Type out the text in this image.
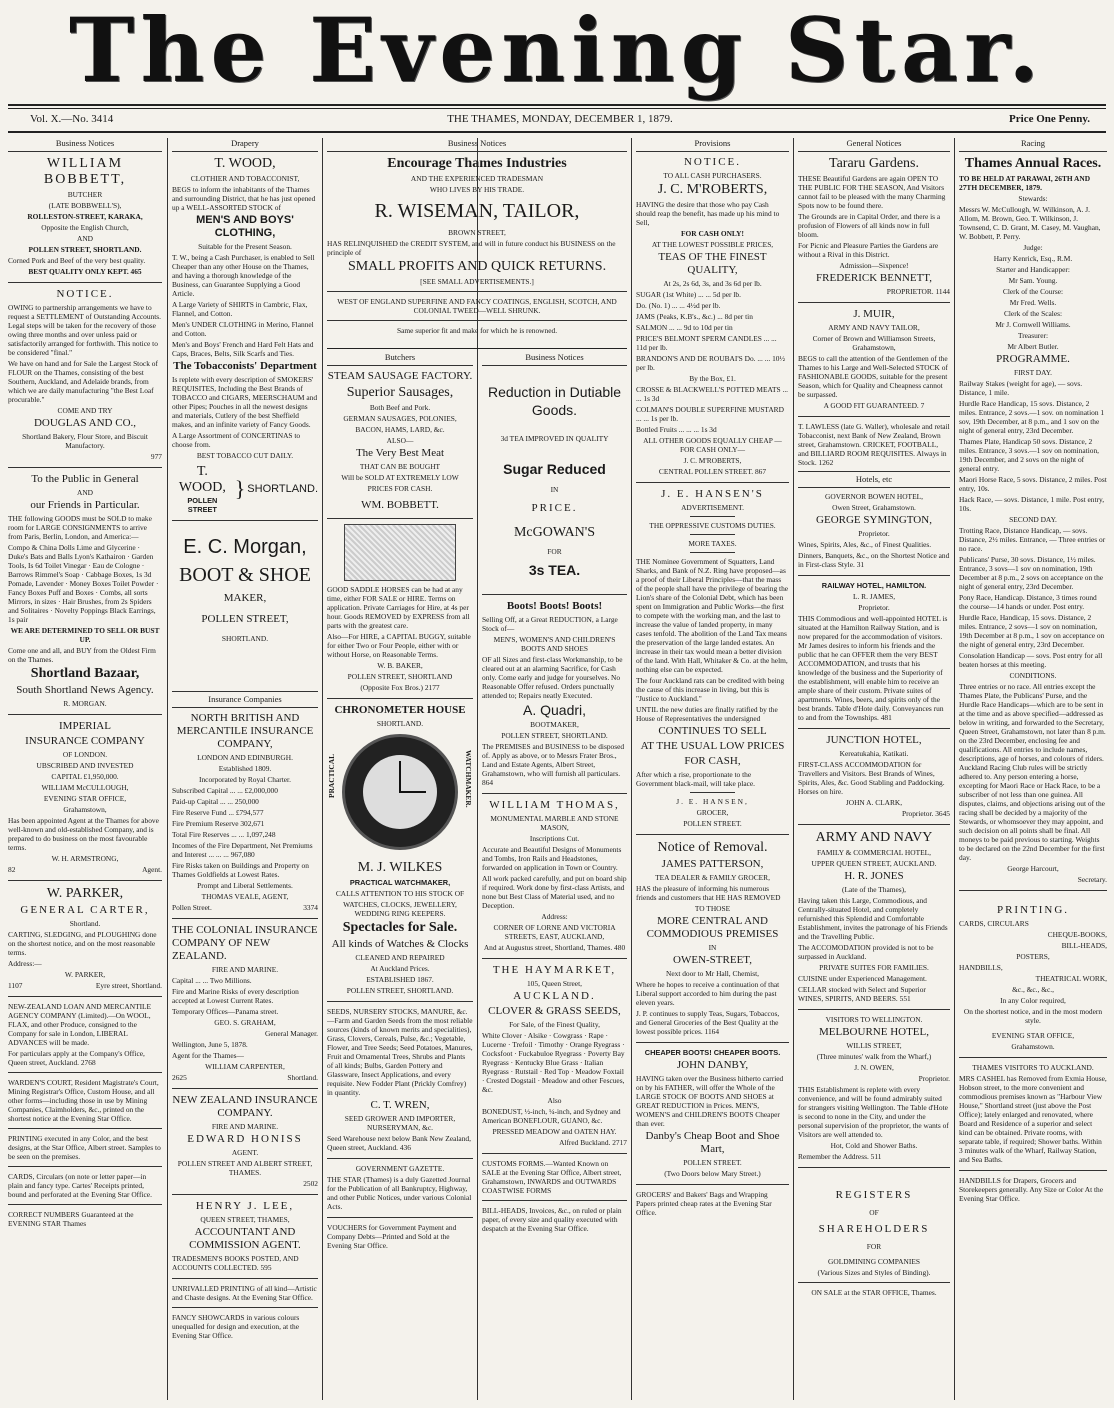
The Evening Star.
Vol. X.—No. 3414	THE THAMES, MONDAY, DECEMBER 1, 1879.	Price One Penny.
Business Notices

WILLIAM BOBBETT,

BUTCHER

(LATE BOBBWELL'S),

ROLLESTON-STREET, KARAKA,

Opposite the English Church,

AND

POLLEN STREET, SHORTLAND.

Corned Pork and Beef of the very best quality.

BEST QUALITY ONLY KEPT. 465

NOTICE.

OWING to partnership arrangements we have to request a SETTLEMENT of Outstanding Accounts. Legal steps will be taken for the recovery of those owing three months and over unless paid or satisfactorily arranged for forthwith. This notice to be considered "final."

We have on hand and for Sale the Largest Stock of FLOUR on the Thames, consisting of the best Southern, Auckland, and Adelaide brands, from which we are daily manufacturing "the Best Loaf procurable."

COME AND TRY

DOUGLAS AND CO.,

Shortland Bakery, Flour Store, and Biscuit Manufactory.

977

To the Public in General

AND

our Friends in Particular.

THE following GOODS must be SOLD to make room for LARGE CONSIGNMENTS to arrive from Paris, Berlin, London, and America:—

Compo & China Dolls Lime and Glycerine · Duke's Bats and Balls Lyon's Kathairon · Garden Tools, Is 6d Toilet Vinegar · Eau de Cologne · Barrows Rimmel's Soap · Cabbage Boxes, 1s 3d Pomade, Lavender · Money Boxes Toilet Powder · Fancy Boxes Puff and Boxes · Combs, all sorts Mirrors, in sizes · Hair Brushes, from 2s Spiders and Solitaires · Novelty Poppings Black Earrings, 1s pair

WE ARE DETERMINED TO SELL OR BUST UP.

Come one and all, and BUY from the Oldest Firm on the Thames.

Shortland Bazaar,

South Shortland News Agency.

R. MORGAN.

IMPERIAL

INSURANCE COMPANY

OF LONDON.

UBSCRIBED AND INVESTED

CAPITAL £1,950,000.

WILLIAM McCULLOUGH,

EVENING STAR OFFICE,

Grahamstown,

Has been appointed Agent at the Thames for above well-known and old-established Company, and is prepared to do business on the most favourable terms.

W. H. ARMSTRONG,

82	Agent.

W. PARKER,

GENERAL CARTER,

Shortland.

CARTING, SLEDGING, and PLOUGHING done on the shortest notice, and on the most reasonable terms.

Address:—

W. PARKER,

1107	Eyre street, Shortland.

NEW-ZEALAND LOAN AND MERCANTILE AGENCY COMPANY (Limited).—On WOOL, FLAX, and other Produce, consigned to the Company for sale in London, LIBERAL ADVANCES will be made.

For particulars apply at the Company's Office, Queen street, Auckland. 2768

WARDEN'S COURT, Resident Magistrate's Court, Mining Registrar's Office, Custom House, and all other forms—including those in use by Mining Companies, Claimholders, &c., printed on the shortest notice at the Evening Star Office.

PRINTING executed in any Color, and the best designs, at the Star Office, Albert street. Samples to be seen on the premises.

CARDS, Circulars (on note or letter paper—in plain and fancy type. Cartes' Receipts printed, bound and perforated at the Evening Star Office.

CORRECT NUMBERS Guaranteed at the EVENING STAR Thames

Drapery

T. WOOD,

CLOTHIER AND TOBACCONIST,

BEGS to inform the inhabitants of the Thames and surrounding District, that he has just opened up a WELL-ASSORTED STOCK of

MEN'S AND BOYS' CLOTHING,

Suitable for the Present Season.

T. W., being a Cash Purchaser, is enabled to Sell Cheaper than any other House on the Thames, and having a thorough knowledge of the Business, can Guarantee Supplying a Good Article.

A Large Variety of SHIRTS in Cambric, Flax, Flannel, and Cotton.

Men's UNDER CLOTHING in Merino, Flannel and Cotton.

Men's and Boys' French and Hard Felt Hats and Caps, Braces, Belts, Silk Scarfs and Ties.

The Tobacconists' Department

Is replete with every description of SMOKERS' REQUISITES, Including the Best Brands of TOBACCO and CIGARS, MEERSCHAUM and other Pipes; Pouches in all the newest designs and materials, Cutlery of the best Sheffield makes, and an infinite variety of Fancy Goods.

A Large Assortment of CONCERTINAS to choose from.

BEST TOBACCO CUT DAILY.

T. WOOD,
POLLEN STREET
} SHORTLAND.

E. C. Morgan,

BOOT & SHOE

MAKER,

POLLEN STREET,

SHORTLAND.

Insurance Companies

NORTH BRITISH AND MERCANTILE INSURANCE COMPANY,

LONDON AND EDINBURGH.

Established 1809.

Incorporated by Royal Charter.

Subscribed Capital ... ... £2,000,000

Paid-up Capital ... ... 250,000

Fire Reserve Fund ... £794,577

Fire Premium Reserve 302,671

Total Fire Reserves ... ... 1,097,248

Incomes of the Fire Department, Net Premiums and Interest ... ... ... 967,080

Fire Risks taken on Buildings and Property on Thames Goldfields at Lowest Rates.

Prompt and Liberal Settlements.

THOMAS VEALE, AGENT,

Pollen Street.	3374

THE COLONIAL INSURANCE COMPANY OF NEW ZEALAND.

FIRE AND MARINE.

Capital ... ... Two Millions.

Fire and Marine Risks of every description accepted at Lowest Current Rates.

Temporary Offices—Panama street.

GEO. S. GRAHAM,

General Manager.

Wellington, June 5, 1878.

Agent for the Thames—

WILLIAM CARPENTER,

2625	Shortland.

NEW ZEALAND INSURANCE COMPANY.

FIRE AND MARINE.

EDWARD HONISS

AGENT.

POLLEN STREET AND ALBERT STREET, THAMES.

2502

HENRY J. LEE,

QUEEN STREET, THAMES,

ACCOUNTANT AND COMMISSION AGENT.

TRADESMEN'S BOOKS POSTED, AND ACCOUNTS COLLECTED. 595

UNRIVALLED PRINTING of all kind—Artistic and Chaste designs. At the Evening Star Office.

FANCY SHOWCARDS in various colours unequalled for design and execution, at the Evening Star Office.

Business Notices

Encourage Thames Industries

AND THE EXPERIENCED TRADESMAN

WHO LIVES BY HIS TRADE.

R. WISEMAN, TAILOR,

BROWN STREET,

HAS RELINQUISHED the CREDIT SYSTEM, and will in future conduct his BUSINESS on the principle of

SMALL PROFITS AND QUICK RETURNS.

[SEE SMALL ADVERTISEMENTS.]

WEST OF ENGLAND SUPERFINE AND FANCY COATINGS, ENGLISH, SCOTCH, AND COLONIAL TWEED—WELL SHRUNK.

Same superior fit and make for which he is renowned.

Butchers

STEAM SAUSAGE FACTORY.

Superior Sausages,

Both Beef and Pork.

GERMAN SAUSAGES, POLONIES,

BACON, HAMS, LARD, &c.

ALSO—

The Very Best Meat

THAT CAN BE BOUGHT

Will be SOLD AT EXTREMELY LOW

PRICES FOR CASH.

WM. BOBBETT.

GOOD SADDLE HORSES can be had at any time, either FOR SALE or HIRE. Terms on application. Private Carriages for Hire, at 4s per hour. Goods REMOVED by EXPRESS from all parts with the greatest care.

Also—For HIRE, a CAPITAL BUGGY, suitable for either Two or Four People, either with or without Horse, on Reasonable Terms.

W. B. BAKER,

POLLEN STREET, SHORTLAND

(Opposite Fox Bros.) 2177

CHRONOMETER HOUSE

SHORTLAND.

PRACTICAL	WATCHMAKER.

M. J. WILKES

PRACTICAL WATCHMAKER,

CALLS ATTENTION TO HIS STOCK OF

WATCHES, CLOCKS, JEWELLERY, WEDDING RING KEEPERS.

Spectacles for Sale.

All kinds of Watches & Clocks

CLEANED AND REPAIRED

At Auckland Prices.

ESTABLISHED 1867.

POLLEN STREET, SHORTLAND.

SEEDS, NURSERY STOCKS, MANURE, &c.—Farm and Garden Seeds from the most reliable sources (kinds of known merits and specialities), Grass, Clovers, Cereals, Pulse, &c.; Vegetable, Flower, and Tree Seeds; Seed Potatoes, Manures, Fruit and Ornamental Trees, Shrubs and Plants of all kinds; Bulbs, Garden Pottery and Glassware, Insect Applications, and every requisite. New Fodder Plant (Prickly Comfrey) in quantity.

C. T. WREN,

SEED GROWER AND IMPORTER, NURSERYMAN, &c.

Seed Warehouse next below Bank New Zealand, Queen street, Auckland. 436

GOVERNMENT GAZETTE.

THE STAR (Thames) is a duly Gazetted Journal for the Publication of all Bankruptcy, Highway, and other Public Notices, under various Colonial Acts.

VOUCHERS for Government Payment and Company Debts—Printed and Sold at the Evening Star Office.

Business Notices

Reduction in Dutiable

Goods.

3d TEA IMPROVED IN QUALITY

Sugar Reduced

IN

PRICE.

McGOWAN'S

FOR

3s TEA.

Boots! Boots! Boots!

Selling Off, at a Great REDUCTION, a Large Stock of—

MEN'S, WOMEN'S AND CHILDREN'S BOOTS AND SHOES

OF all Sizes and first-class Workmanship, to be cleared out at an alarming Sacrifice, for Cash only. Come early and judge for yourselves. No Reasonable Offer refused. Orders punctually attended to; Repairs neatly Executed.

A. Quadri,

BOOTMAKER,

POLLEN STREET, SHORTLAND.

The PREMISES and BUSINESS to be disposed of. Apply as above, or to Messrs Frater Bros., Land and Estate Agents, Albert Street, Grahamstown, who will furnish all particulars. 864

WILLIAM THOMAS,

MONUMENTAL MARBLE AND STONE MASON,

Inscriptions Cut.

Accurate and Beautiful Designs of Monuments and Tombs, Iron Rails and Headstones, forwarded on application in Town or Country.

All work packed carefully, and put on board ship if required. Work done by first-class Artists, and none but Best Class of Material used, and no Deception.

Address:

CORNER OF LORNE AND VICTORIA STREETS, EAST, AUCKLAND,

And at Augustus street, Shortland, Thames. 480

THE HAYMARKET,

105, Queen Street,

AUCKLAND.

CLOVER & GRASS SEEDS,

For Sale, of the Finest Quality,

White Clover · Alsike · Cowgrass · Rape · Lucerne · Trefoil · Timothy · Orange Ryegrass · Cocksfoot · Fuckabuloe Ryegrass · Poverty Bay Ryegrass · Kentucky Blue Grass · Italian Ryegrass · Rutstail · Red Top · Meadow Foxtail · Crested Dogstail · Meadow and other Fescues, &c.

Also

BONEDUST, ½-inch, ¼-inch, and Sydney and American BONEFLOUR, GUANO, &c.

PRESSED MEADOW and OATEN HAY.

Alfred Buckland. 2717

CUSTOMS FORMS.—Wanted Known on SALE at the Evening Star Office, Albert street, Grahamstown, INWARDS and OUTWARDS COASTWISE FORMS

BILL-HEADS, Invoices, &c., on ruled or plain paper, of every size and quality executed with despatch at the Evening Star Office.

Provisions

NOTICE.

TO ALL CASH PURCHASERS.

J. C. M'ROBERTS,

HAVING the desire that those who pay Cash should reap the benefit, has made up his mind to Sell,

FOR CASH ONLY!

AT THE LOWEST POSSIBLE PRICES,

TEAS OF THE FINEST QUALITY,

At 2s, 2s 6d, 3s, and 3s 6d per lb.

SUGAR (1st White) ... ... 5d per lb.

Do. (No. 1) ... ... 4½d per lb.

JAMS (Peaks, K.B's., &c.) ... 8d per tin

SALMON ... ... 9d to 10d per tin

PRICE'S BELMONT SPERM CANDLES ... ... 11d per lb.

BRANDON'S AND DE ROUBAI'S Do. ... ... 10½ per lb.

By the Box, £1.

CROSSE & BLACKWELL'S POTTED MEATS ... ... 1s 3d

COLMAN'S DOUBLE SUPERFINE MUSTARD ... ... 1s per lb.

Bottled Fruits ... ... ... 1s 3d

ALL OTHER GOODS EQUALLY CHEAP —FOR CASH ONLY—

J. C. M'ROBERTS,

CENTRAL POLLEN STREET. 867

J. E. HANSEN'S

ADVERTISEMENT.

THE OPPRESSIVE CUSTOMS DUTIES.

MORE TAXES.

THE Nominee Government of Squatters, Land Sharks, and Bank of N.Z. Ring have proposed—as a proof of their Liberal Principles—that the mass of the people shall have the privilege of bearing the Lion's share of the Colonial Debt, which has been spent on Immigration and Public Works—the first to compete with the working man, and the last to increase the value of landed property, in many cases tenfold. The abolition of the Land Tax means the preservation of the large landed estates. An increase in their tax would mean a better division of the land. With Hall, Whitaker & Co. at the helm, nothing else can be expected.

The four Auckland rats can be credited with being the cause of this increase in living, but this is "Justice to Auckland."

UNTIL the new duties are finally ratified by the House of Representatives the undersigned

CONTINUES TO SELL

AT THE USUAL LOW PRICES

FOR CASH,

After which a rise, proportionate to the Government black-mail, will take place.

J. E. HANSEN,

GROCER,

POLLEN STREET.

Notice of Removal.

JAMES PATTERSON,

TEA DEALER & FAMILY GROCER,

HAS the pleasure of informing his numerous friends and customers that HE HAS REMOVED

TO THOSE

MORE CENTRAL AND COMMODIOUS PREMISES

IN

OWEN-STREET,

Next door to Mr Hall, Chemist,

Where he hopes to receive a continuation of that Liberal support accorded to him during the past eleven years.

J. P. continues to supply Teas, Sugars, Tobaccos, and General Groceries of the Best Quality at the lowest possible prices. 1164

CHEAPER BOOTS! CHEAPER BOOTS.

JOHN DANBY,

HAVING taken over the Business hitherto carried on by his FATHER, will offer the Whole of the LARGE STOCK OF BOOTS AND SHOES at GREAT REDUCTION in Prices. MEN'S, WOMEN'S and CHILDREN'S BOOTS Cheaper than ever.

Danby's Cheap Boot and Shoe Mart,

POLLEN STREET.

(Two Doors below Mary Street.)

GROCERS' and Bakers' Bags and Wrapping Papers printed cheap rates at the Evening Star Office.

General Notices

Tararu Gardens.

THESE Beautiful Gardens are again OPEN TO THE PUBLIC FOR THE SEASON, And Visitors cannot fail to be pleased with the many Charming Spots now to be found there.

The Grounds are in Capital Order, and there is a profusion of Flowers of all kinds now in full bloom.

For Picnic and Pleasure Parties the Gardens are without a Rival in this District.

Admission—Sixpence!

FREDERICK BENNETT,

PROPRIETOR. 1144

J. MUIR,

ARMY AND NAVY TAILOR,

Corner of Brown and Williamson Streets, Grahamstown,

BEGS to call the attention of the Gentlemen of the Thames to his Large and Well-Selected STOCK of FASHIONABLE GOODS, suitable for the present Season, which for Quality and Cheapness cannot be surpassed.

A GOOD FIT GUARANTEED. 7

T. LAWLESS (late G. Waller), wholesale and retail Tobacconist, next Bank of New Zealand, Brown street, Grahamstown. CRICKET, FOOTBALL, and BILLIARD ROOM REQUISITES. Always in Stock. 1262

Hotels, etc

GOVERNOR BOWEN HOTEL,

Owen Street, Grahamstown.

GEORGE SYMINGTON,

Proprietor.

Wines, Spirits, Ales, &c., of Finest Qualities.

Dinners, Banquets, &c., on the Shortest Notice and in First-class Style. 31

RAILWAY HOTEL, HAMILTON.

L. R. JAMES,

Proprietor.

THIS Commodious and well-appointed HOTEL is situated at the Hamilton Railway Station, and is now prepared for the accommodation of visitors. Mr James desires to inform his friends and the public that he can OFFER them the very BEST ACCOMMODATION, and trusts that his knowledge of the business and the Superiority of the establishment, will enable him to receive an ample share of their custom. Private suites of apartments. Wines, beers, and spirits only of the best brands. Table d'Hote daily. Conveyances run to and from the Townships. 481

JUNCTION HOTEL,

Kereatukahia, Katikati.

FIRST-CLASS ACCOMMODATION for Travellers and Visitors. Best Brands of Wines, Spirits, Ales, &c. Good Stabling and Paddocking. Horses on hire.

JOHN A. CLARK,

Proprietor. 3645

ARMY AND NAVY

FAMILY & COMMERCIAL HOTEL,

UPPER QUEEN STREET, AUCKLAND.

H. R. JONES

(Late of the Thames),

Having taken this Large, Commodious, and Centrally-situated Hotel, and completely refurnished this Splendid and Comfortable Establishment, invites the patronage of his Friends and the Travelling Public.

The ACCOMODATION provided is not to be surpassed in Auckland.

PRIVATE SUITES FOR FAMILIES.

CUISINE under Experienced Management.

CELLAR stocked with Select and Superior WINES, SPIRITS, AND BEERS. 551

VISITORS TO WELLINGTON.

MELBOURNE HOTEL,

WILLIS STREET,

(Three minutes' walk from the Wharf,)

J. N. OWEN,

Proprietor.

THIS Establishment is replete with every convenience, and will be found admirably suited for strangers visiting Wellington. The Table d'Hote is second to none in the City, and under the personal supervision of the proprietor, the wants of Visitors are well attended to.

Hot, Cold and Shower Baths.

Remember the Address. 511

REGISTERS

OF

SHAREHOLDERS

FOR

GOLDMINING COMPANIES

(Various Sizes and Styles of Binding).

ON SALE at the STAR OFFICE, Thames.

Racing

Thames Annual Races.

TO BE HELD AT PARAWAI, 26TH AND 27TH DECEMBER, 1879.

Stewards:

Messrs W. McCullough, W. Wilkinson, A. J. Allom, M. Brown, Geo. T. Wilkinson, J. Townsend, C. D. Grant, M. Casey, M. Vaughan, W. Bobbett, P. Perry.

Judge:

Harry Kenrick, Esq., R.M.

Starter and Handicapper:

Mr Sam. Young.

Clerk of the Course:

Mr Fred. Wells.

Clerk of the Scales:

Mr J. Cornwell Williams.

Treasurer:

Mr Albert Butler.

PROGRAMME.

FIRST DAY.

Railway Stakes (weight for age), — sovs. Distance, 1 mile.

Hurdle Race Handicap, 15 sovs. Distance, 2 miles. Entrance, 2 sovs.—1 sov. on nomination 1 sov, 19th December, at 8 p.m., and 1 sov on the night of general entry, 23rd December.

Thames Plate, Handicap 50 sovs. Distance, 2 miles. Entrance, 3 sovs.—1 sov on nomination, 19th December, and 2 sovs on the night of general entry.

Maori Horse Race, 5 sovs. Distance, 2 miles. Post entry, 10s.

Hack Race, — sovs. Distance, 1 mile. Post entry, 10s.

SECOND DAY.

Trotting Race, Distance Handicap, — sovs. Distance, 2½ miles. Entrance, — Three entries or no race.

Publicans' Purse, 30 sovs. Distance, 1½ miles. Entrance, 3 sovs—1 sov on nomination, 19th December at 8 p.m., 2 sovs on acceptance on the night of general entry, 23rd December.

Pony Race, Handicap. Distance, 3 times round the course—14 hands or under. Post entry.

Hurdle Race, Handicap, 15 sovs. Distance, 2 miles. Entrance, 2 sovs—1 sov on nomination, 19th December at 8 p.m., 1 sov on acceptance on the night of general entry, 23rd December.

Consolation Handicap — sovs. Post entry for all beaten horses at this meeting.

CONDITIONS.

Three entries or no race. All entries except the Thames Plate, the Publicans' Purse, and the Hurdle Race Handicaps—which are to be sent in at the time and as above specified—addressed as below in writing, and forwarded to the Secretary, Queen Street, Grahamstown, not later than 8 p.m. on the 23rd December, enclosing fee and qualifications. All entries to include names, descriptions, age of horses, and colours of riders. Auckland Racing Club rules will be strictly adhered to. Any person entering a horse, excepting for Maori Race or Hack Race, to be a subscriber of not less than one guinea. All disputes, claims, and objections arising out of the racing shall be decided by a majority of the Stewards, or whomsoever they may appoint, and such decision on all points shall be final. All moneys to be paid previous to starting. Weights to be declared on the 22nd December for the first day.

George Harcourt,

Secretary.

PRINTING.

CARDS, CIRCULARS

CHEQUE-BOOKS,

BILL-HEADS,

POSTERS,

HANDBILLS,

THEATRICAL WORK,

&c., &c., &c.,

In any Color required,

On the shortest notice, and in the most modern style.

EVENING STAR OFFICE,

Grahamstown.

THAMES VISITORS TO AUCKLAND.

MRS CASHEL has Removed from Exmia House, Hobson street, to the more convenient and commodious premises known as "Harbour View House," Shortland street (just above the Post Office); lately enlarged and renovated, where Board and Residence of a superior and select kind can be obtained. Private rooms, with separate table, if required; Shower baths. Within 3 minutes walk of the Wharf, Railway Station, and Sea Baths.

HANDBILLS for Drapers, Grocers and Storekeepers generally. Any Size or Color At the Evening Star Office.
